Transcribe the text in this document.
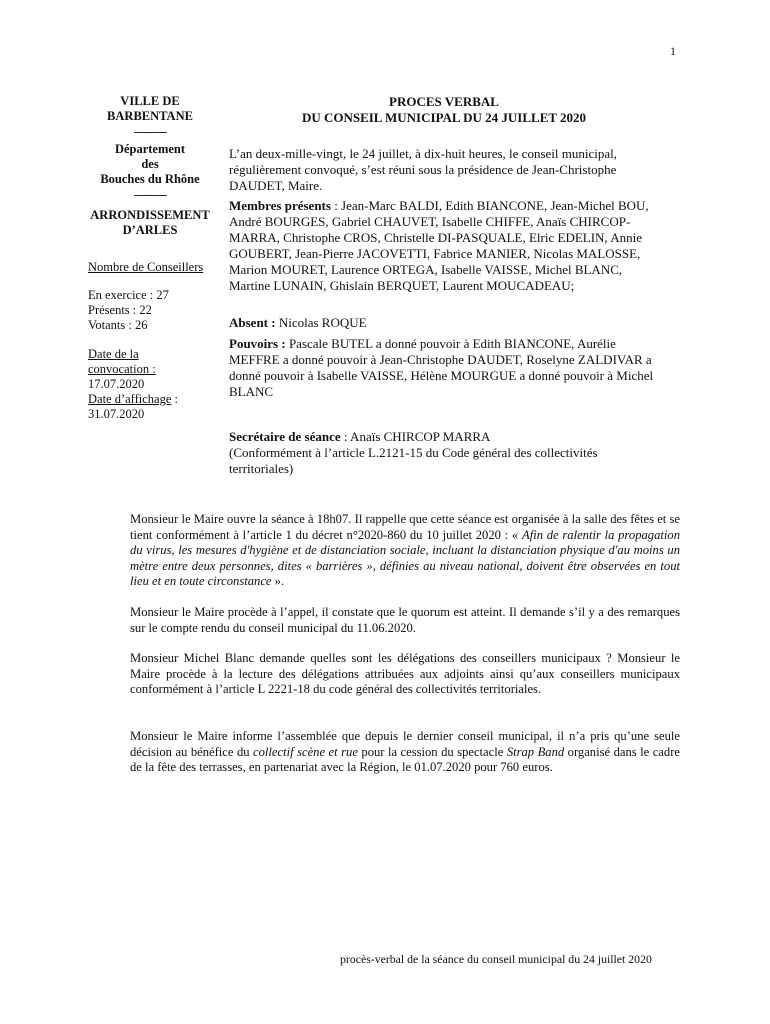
1
VILLE DE
BARBENTANE
______
Département
des
Bouches du Rhône
______
ARRONDISSEMENT
D’ARLES
Nombre de Conseillers
En exercice : 27
Présents : 22
Votants : 26
Date de la
convocation :
17.07.2020
Date d’affichage :
31.07.2020
PROCES VERBAL
DU CONSEIL MUNICIPAL DU 24 JUILLET 2020
L’an deux-mille-vingt, le 24 juillet, à dix-huit heures, le conseil municipal, régulièrement convoqué, s’est réuni sous la présidence de Jean-Christophe DAUDET, Maire.
Membres présents : Jean-Marc BALDI, Edith BIANCONE, Jean-Michel BOU, André BOURGES, Gabriel CHAUVET, Isabelle CHIFFE, Anaïs CHIRCOP-MARRA, Christophe CROS, Christelle DI-PASQUALE, Elric EDELIN, Annie GOUBERT, Jean-Pierre JACOVETTI, Fabrice MANIER, Nicolas MALOSSE, Marion MOURET, Laurence ORTEGA, Isabelle VAISSE, Michel BLANC, Martine LUNAIN, Ghislain BERQUET, Laurent MOUCADEAU;
Absent : Nicolas ROQUE
Pouvoirs : Pascale BUTEL a donné pouvoir à Edith BIANCONE, Aurélie MEFFRE a donné pouvoir à Jean-Christophe DAUDET, Roselyne ZALDIVAR a donné pouvoir à Isabelle VAISSE, Hélène MOURGUE a donné pouvoir à Michel BLANC
Secrétaire de séance : Anaïs CHIRCOP MARRA
(Conformément à l’article L.2121-15 du Code général des collectivités territoriales)
Monsieur le Maire ouvre la séance à 18h07. Il rappelle que cette séance est organisée à la salle des fêtes et se tient conformément à l’article 1 du décret n°2020-860 du 10 juillet 2020 : « Afin de ralentir la propagation du virus, les mesures d'hygiène et de distanciation sociale, incluant la distanciation physique d'au moins un mètre entre deux personnes, dites « barrières », définies au niveau national, doivent être observées en tout lieu et en toute circonstance ».
Monsieur le Maire procède à l’appel, il constate que le quorum est atteint. Il demande s’il y a des remarques sur le compte rendu du conseil municipal du 11.06.2020.
Monsieur Michel Blanc demande quelles sont les délégations des conseillers municipaux ? Monsieur le Maire procède à la lecture des délégations attribuées aux adjoints ainsi qu’aux conseillers municipaux conformément à l’article L 2221-18 du code général des collectivités territoriales.
Monsieur le Maire informe l’assemblée que depuis le dernier conseil municipal, il n’a pris qu’une seule décision au bénéfice du collectif scène et rue pour la cession du spectacle Strap Band organisé dans le cadre de la fête des terrasses, en partenariat avec la Région, le 01.07.2020 pour 760 euros.
procès-verbal de la séance du conseil municipal du 24 juillet 2020
